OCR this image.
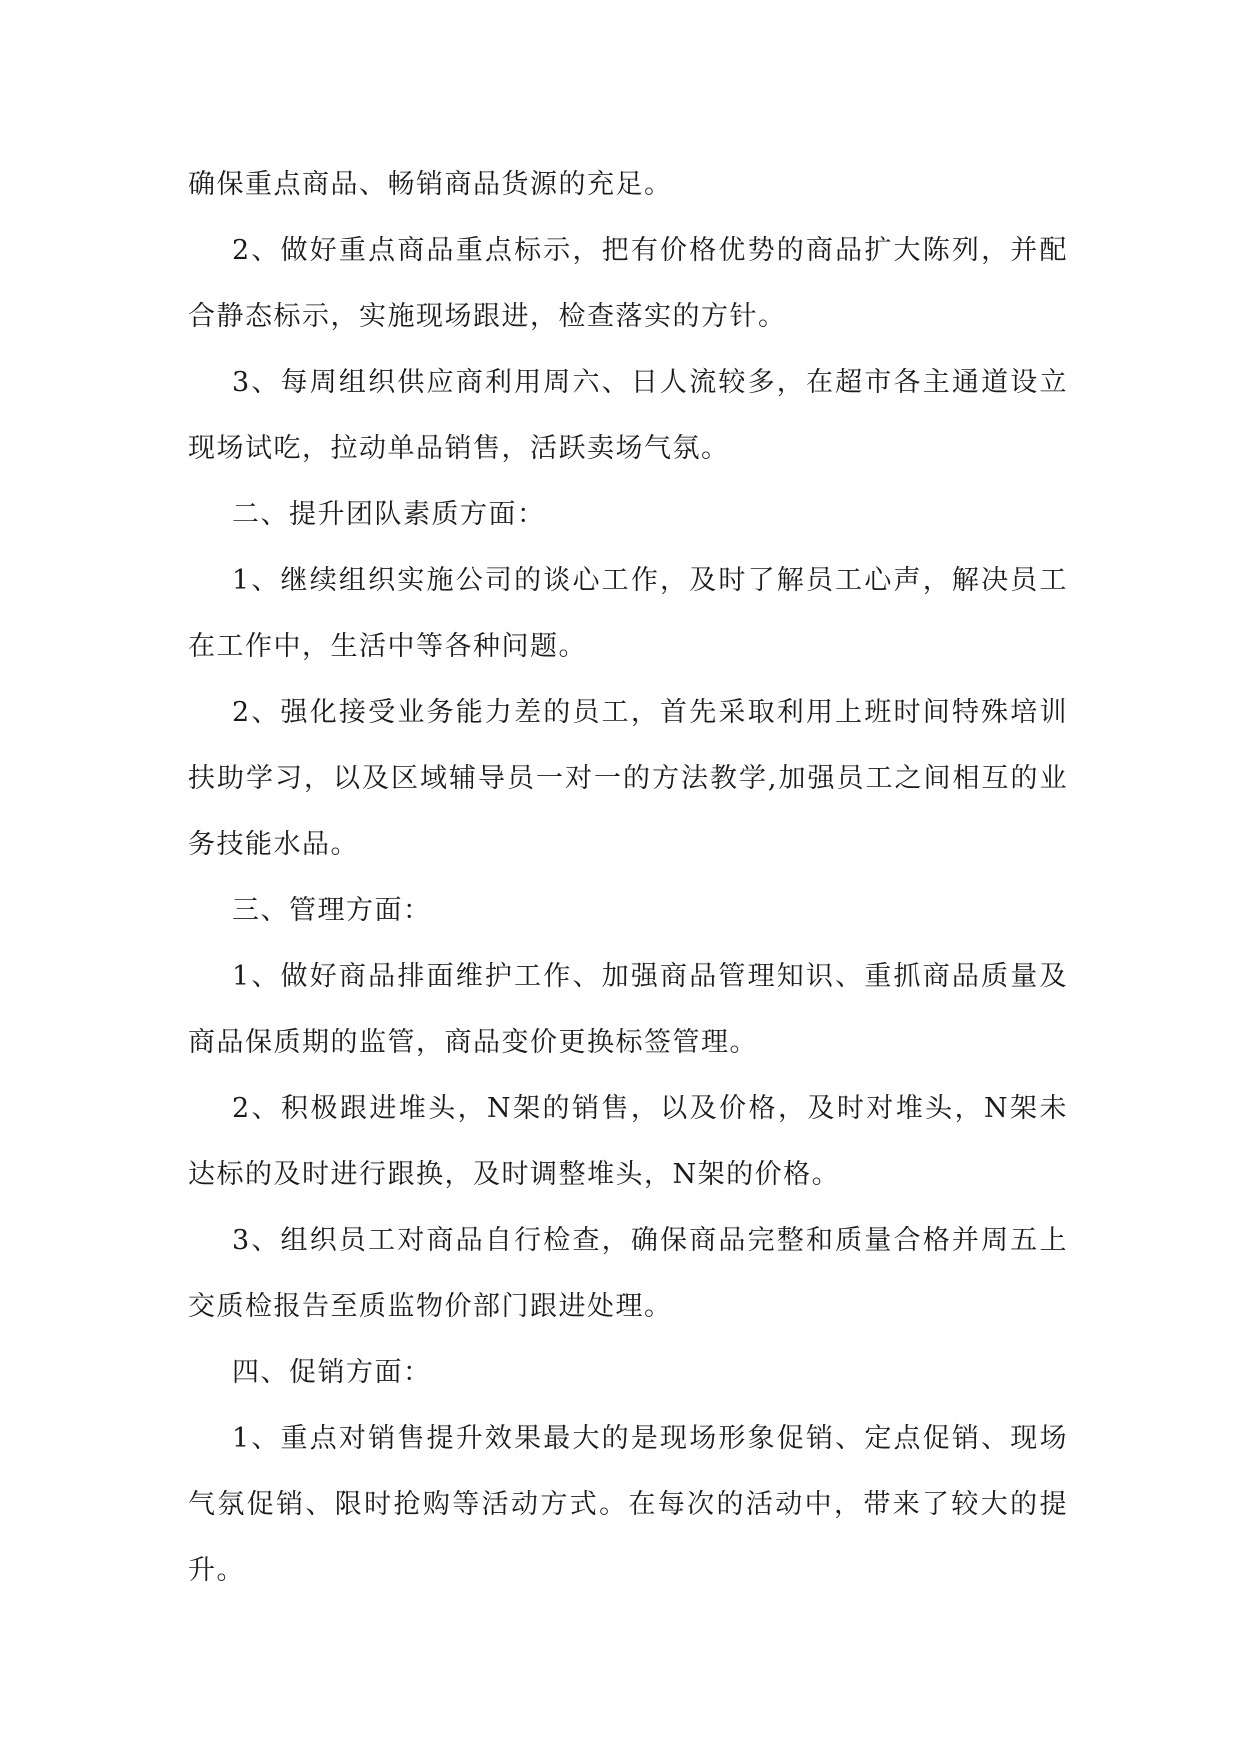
确保重点商品、畅销商品货源的充足。

2、做好重点商品重点标示，把有价格优势的商品扩大陈列，并配合静态标示，实施现场跟进，检查落实的方针。

3、每周组织供应商利用周六、日人流较多，在超市各主通道设立现场试吃，拉动单品销售，活跃卖场气氛。

二、提升团队素质方面：

1、继续组织实施公司的谈心工作，及时了解员工心声，解决员工在工作中，生活中等各种问题。

2、强化接受业务能力差的员工，首先采取利用上班时间特殊培训扶助学习，以及区域辅导员一对一的方法教学,加强员工之间相互的业务技能水品。

三、管理方面：

1、做好商品排面维护工作、加强商品管理知识、重抓商品质量及商品保质期的监管，商品变价更换标签管理。

2、积极跟进堆头，N架的销售，以及价格，及时对堆头，N架未达标的及时进行跟换，及时调整堆头，N架的价格。

3、组织员工对商品自行检查，确保商品完整和质量合格并周五上交质检报告至质监物价部门跟进处理。

四、促销方面：

1、重点对销售提升效果最大的是现场形象促销、定点促销、现场气氛促销、限时抢购等活动方式。在每次的活动中，带来了较大的提升。
